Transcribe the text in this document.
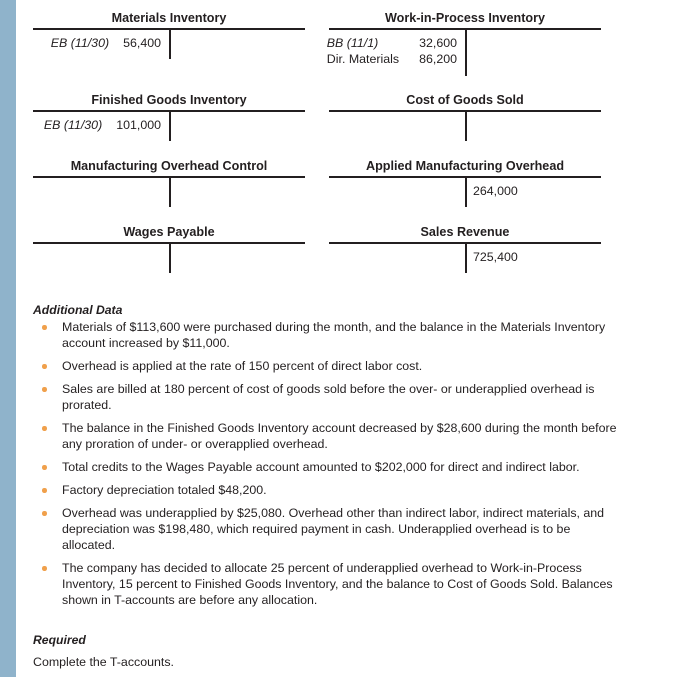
Materials Inventory
EB (11/30) 56,400
Work-in-Process Inventory
BB (11/1)	32,600
Dir. Materials 86,200
Finished Goods Inventory
EB (11/30) 101,000
Cost of Goods Sold
Manufacturing Overhead Control	Applied Manufacturing Overhead
264,000
Wages Payable	Sales Revenue
725,400
Additional Data
Materials of $113,600 were purchased during the month, and the balance in the Materials Inventory account increased by $11,000.
Overhead is applied at the rate of 150 percent of direct labor cost.
Sales are billed at 180 percent of cost of goods sold before the over- or underapplied overhead is prorated.
The balance in the Finished Goods Inventory account decreased by $28,600 during the month before any proration of under- or overapplied overhead.
Total credits to the Wages Payable account amounted to $202,000 for direct and indirect labor.
Factory depreciation totaled $48,200.
Overhead was underapplied by $25,080. Overhead other than indirect labor, indirect materials, and depreciation was $198,480, which required payment in cash. Underapplied overhead is to be allocated.
The company has decided to allocate 25 percent of underapplied overhead to Work-in-Process Inventory, 15 percent to Finished Goods Inventory, and the balance to Cost of Goods Sold. Balances shown in T-accounts are before any allocation.
Required
Complete the T-accounts.
